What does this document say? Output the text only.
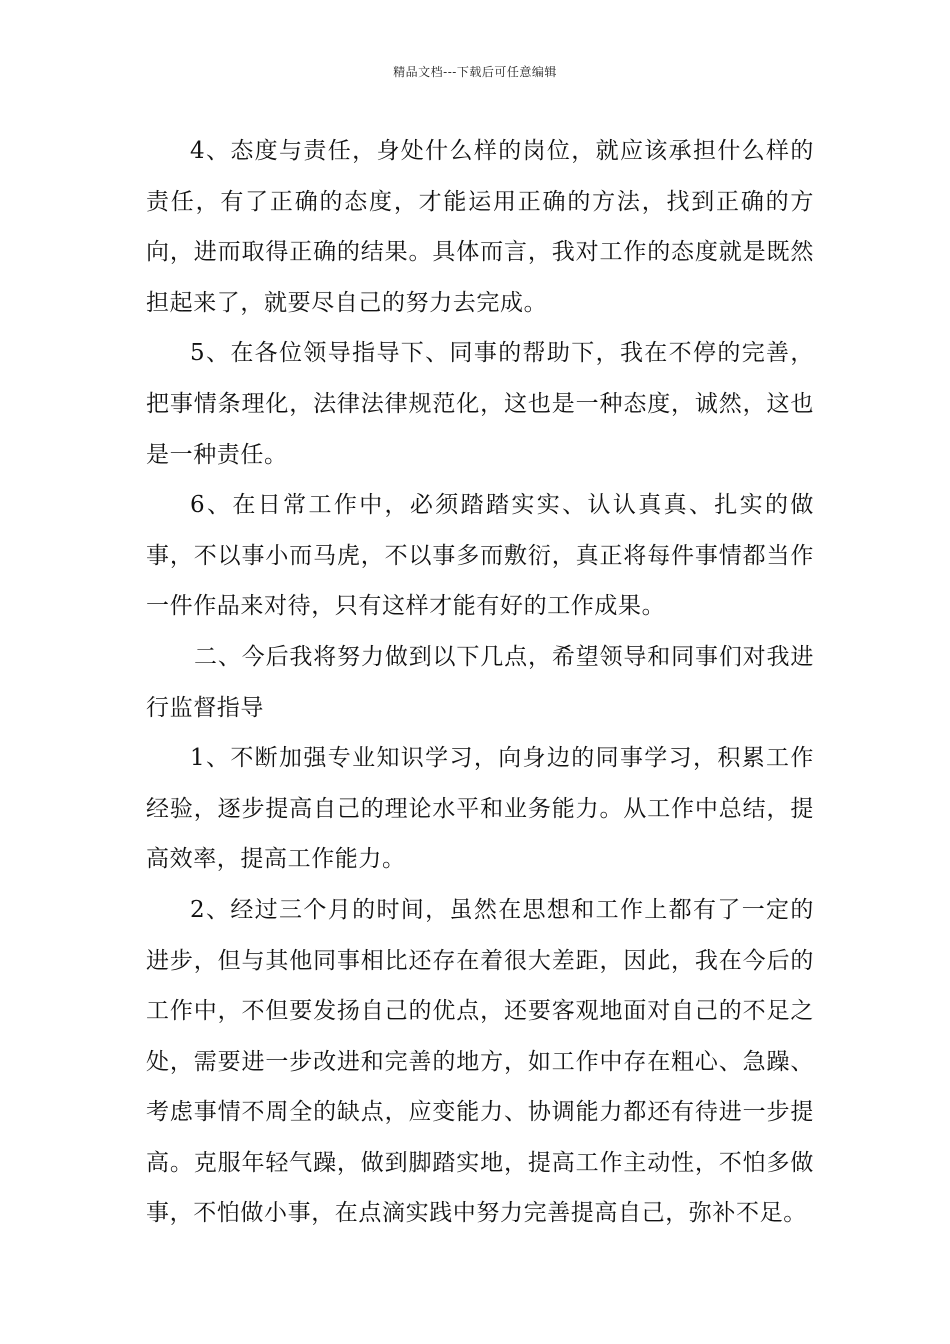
精品文档---下载后可任意编辑

4、态度与责任，身处什么样的岗位，就应该承担什么样的责任，有了正确的态度，才能运用正确的方法，找到正确的方向，进而取得正确的结果。具体而言，我对工作的态度就是既然担起来了，就要尽自己的努力去完成。

5、在各位领导指导下、同事的帮助下，我在不停的完善，把事情条理化，法律法律规范化，这也是一种态度，诚然，这也是一种责任。

6、在日常工作中，必须踏踏实实、认认真真、扎实的做事，不以事小而马虎，不以事多而敷衍，真正将每件事情都当作一件作品来对待，只有这样才能有好的工作成果。

二、今后我将努力做到以下几点，希望领导和同事们对我进行监督指导

1、不断加强专业知识学习，向身边的同事学习，积累工作经验，逐步提高自己的理论水平和业务能力。从工作中总结，提高效率，提高工作能力。

2、经过三个月的时间，虽然在思想和工作上都有了一定的进步，但与其他同事相比还存在着很大差距，因此，我在今后的工作中，不但要发扬自己的优点，还要客观地面对自己的不足之处，需要进一步改进和完善的地方，如工作中存在粗心、急躁、考虑事情不周全的缺点，应变能力、协调能力都还有待进一步提高。克服年轻气躁，做到脚踏实地，提高工作主动性，不怕多做事，不怕做小事，在点滴实践中努力完善提高自己，弥补不足。
